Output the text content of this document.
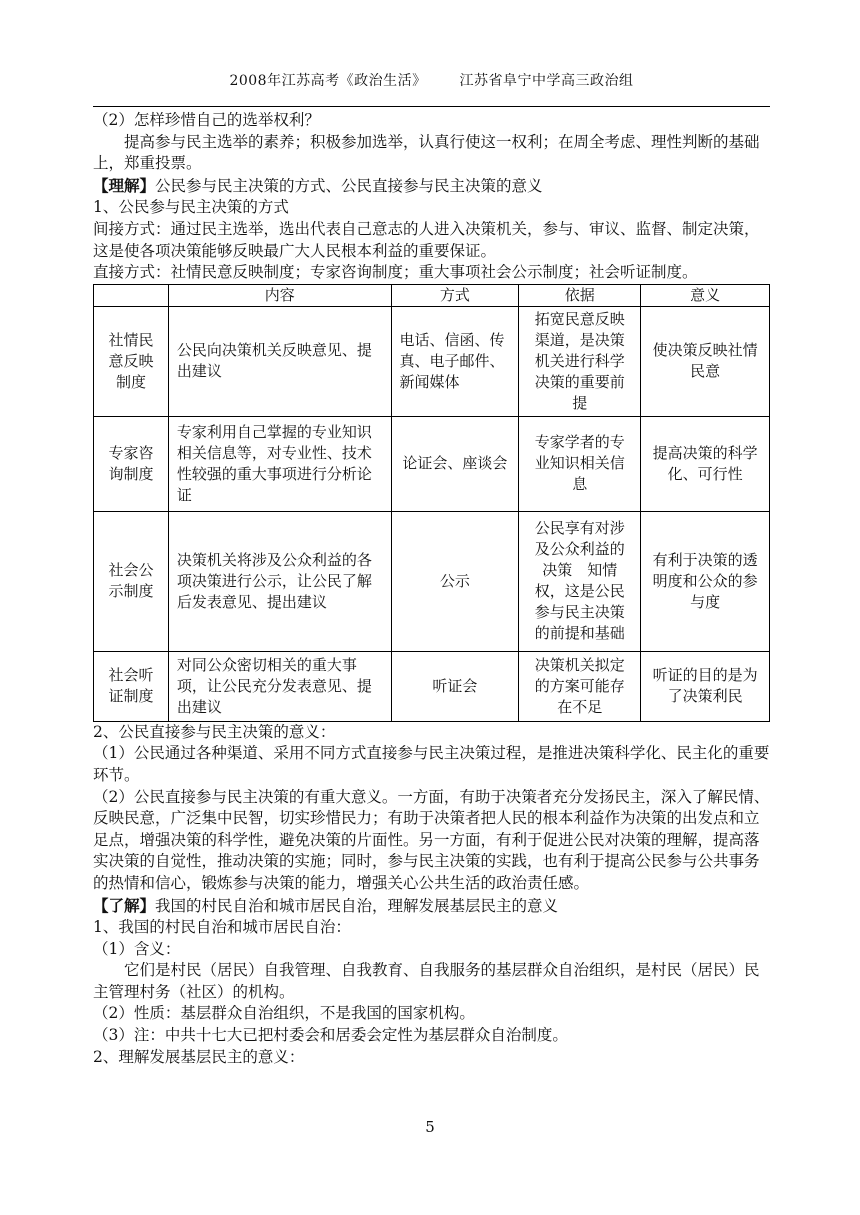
2008年江苏高考《政治生活》 江苏省阜宁中学高三政治组

（2）怎样珍惜自己的选举权利？

提高参与民主选举的素养；积极参加选举，认真行使这一权利；在周全考虑、理性判断的基础上，郑重投票。

【理解】公民参与民主决策的方式、公民直接参与民主决策的意义

1、公民参与民主决策的方式

间接方式：通过民主选举，选出代表自己意志的人进入决策机关，参与、审议、监督、制定决策，这是使各项决策能够反映最广大人民根本利益的重要保证。

直接方式：社情民意反映制度；专家咨询制度；重大事项社会公示制度；社会听证制度。

	内容	方式	依据	意义
社情民意反映制度	公民向决策机关反映意见、提出建议	电话、信函、传真、电子邮件、新闻媒体	拓宽民意反映渠道，是决策机关进行科学决策的重要前提	使决策反映社情民意
专家咨询制度	专家利用自己掌握的专业知识相关信息等，对专业性、技术性较强的重大事项进行分析论证	论证会、座谈会	专家学者的专业知识相关信息	提高决策的科学化、可行性
社会公示制度	决策机关将涉及公众利益的各项决策进行公示，让公民了解后发表意见、提出建议	公示	公民享有对涉及公众利益的决策　知情权，这是公民参与民主决策的前提和基础	有利于决策的透明度和公众的参与度
社会听证制度	对同公众密切相关的重大事项，让公民充分发表意见、提出建议	听证会	决策机关拟定的方案可能存在不足	听证的目的是为了决策利民

2、公民直接参与民主决策的意义：

（1）公民通过各种渠道、采用不同方式直接参与民主决策过程，是推进决策科学化、民主化的重要环节。

（2）公民直接参与民主决策的有重大意义。一方面，有助于决策者充分发扬民主，深入了解民情、反映民意，广泛集中民智，切实珍惜民力；有助于决策者把人民的根本利益作为决策的出发点和立足点，增强决策的科学性，避免决策的片面性。另一方面，有利于促进公民对决策的理解，提高落实决策的自觉性，推动决策的实施；同时，参与民主决策的实践，也有利于提高公民参与公共事务的热情和信心，锻炼参与决策的能力，增强关心公共生活的政治责任感。

【了解】我国的村民自治和城市居民自治，理解发展基层民主的意义

1、我国的村民自治和城市居民自治：

（1）含义：

它们是村民（居民）自我管理、自我教育、自我服务的基层群众自治组织，是村民（居民）民主管理村务（社区）的机构。

（2）性质：基层群众自治组织，不是我国的国家机构。

（3）注：中共十七大已把村委会和居委会定性为基层群众自治制度。

2、理解发展基层民主的意义：

5
